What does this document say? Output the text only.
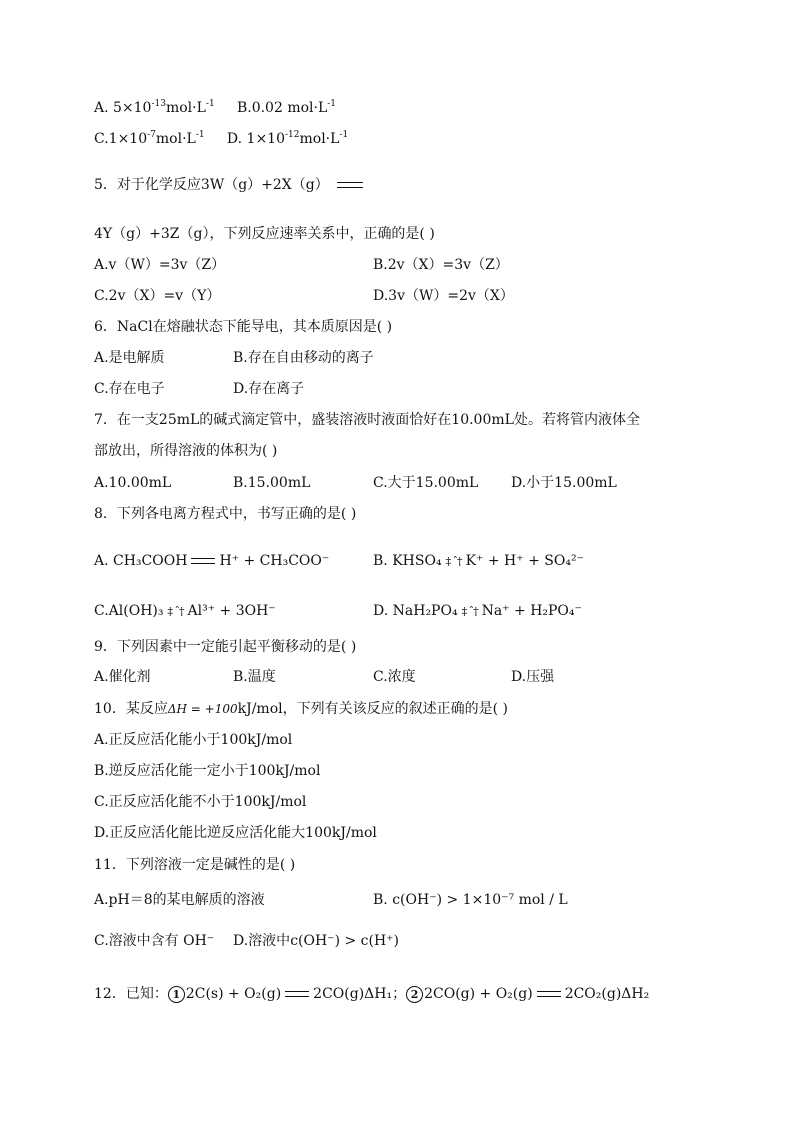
A. $5\times 10^{-13}mol\cdot L^{-1}$ B.0.02 $mol\cdot L^{-1}$
$C.1\times 10^{-7}mol\cdot L^{-1}$ D. $1\times 10^{-12}mol\cdot L^{-1}$
5．对于化学反应3W（g）+2X（g）
4Y（g）+3Z（g），下列反应速率关系中，正确的是( )
A.v（W）=3v（Z）	B.2v（X）=3v（Z）
C.2v（X）=v（Y）	D.3v（W）=2v（X）
6．NaCl在熔融状态下能导电，其本质原因是( )
A.是电解质	B.存在自由移动的离子
C.存在电子	D.存在离子
7．在一支25mL的碱式滴定管中，盛装溶液时液面恰好在10.00mL处。若将管内液体全
部放出，所得溶液的体积为( )
A.10.00mL	B.15.00mL	C.大于15.00mL D.小于15.00mL
8．下列各电离方程式中，书写正确的是( )
A. CH₃COOH H⁺ + CH₃COO⁻	B. KHSO₄ ‡ ˆ† K⁺ + H⁺ + SO₄²⁻
C.Al(OH)₃ ‡ ˆ† Al³⁺ + 3OH⁻	D. NaH₂PO₄ ‡ ˆ† Na⁺ + H₂PO₄⁻
9．下列因素中一定能引起平衡移动的是( )
A.催化剂	B.温度	C.浓度	D.压强
10．某反应ΔH = +100kJ/mol，下列有关该反应的叙述正确的是( )
A.正反应活化能小于100kJ/mol
B.逆反应活化能一定小于100kJ/mol
C.正反应活化能不小于100kJ/mol
D.正反应活化能比逆反应活化能大100kJ/mol
11．下列溶液一定是碱性的是( )
A.pH＝8的某电解质的溶液	B. c(OH⁻) > 1×10⁻⁷ mol / L
C.溶液中含有 OH⁻ D.溶液中c(OH⁻) > c(H⁺)
12．已知： 1 2C(s) + O₂(g) 2CO(g)ΔH₁； 2 2CO(g) + O₂(g) 2CO₂(g)ΔH₂
